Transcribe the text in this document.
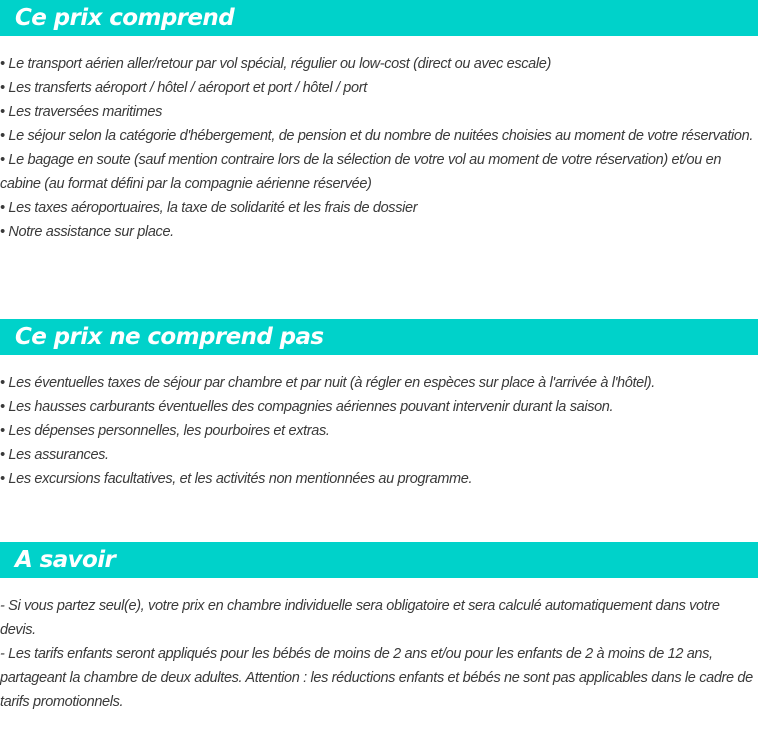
Ce prix comprend

• Le transport aérien aller/retour par vol spécial, régulier ou low-cost (direct ou avec escale)

• Les transferts aéroport / hôtel / aéroport et port / hôtel / port

• Les traversées maritimes

• Le séjour selon la catégorie d'hébergement, de pension et du nombre de nuitées choisies au moment de votre réservation.

• Le bagage en soute (sauf mention contraire lors de la sélection de votre vol au moment de votre réservation) et/ou en cabine (au format défini par la compagnie aérienne réservée)

• Les taxes aéroportuaires, la taxe de solidarité et les frais de dossier

• Notre assistance sur place.

Ce prix ne comprend pas

• Les éventuelles taxes de séjour par chambre et par nuit (à régler en espèces sur place à l'arrivée à l'hôtel).

• Les hausses carburants éventuelles des compagnies aériennes pouvant intervenir durant la saison.

• Les dépenses personnelles, les pourboires et extras.

• Les assurances.

• Les excursions facultatives, et les activités non mentionnées au programme.

A savoir

- Si vous partez seul(e), votre prix en chambre individuelle sera obligatoire et sera calculé automatiquement dans votre devis.

- Les tarifs enfants seront appliqués pour les bébés de moins de 2 ans et/ou pour les enfants de 2 à moins de 12 ans, partageant la chambre de deux adultes. Attention : les réductions enfants et bébés ne sont pas applicables dans le cadre de tarifs promotionnels.
